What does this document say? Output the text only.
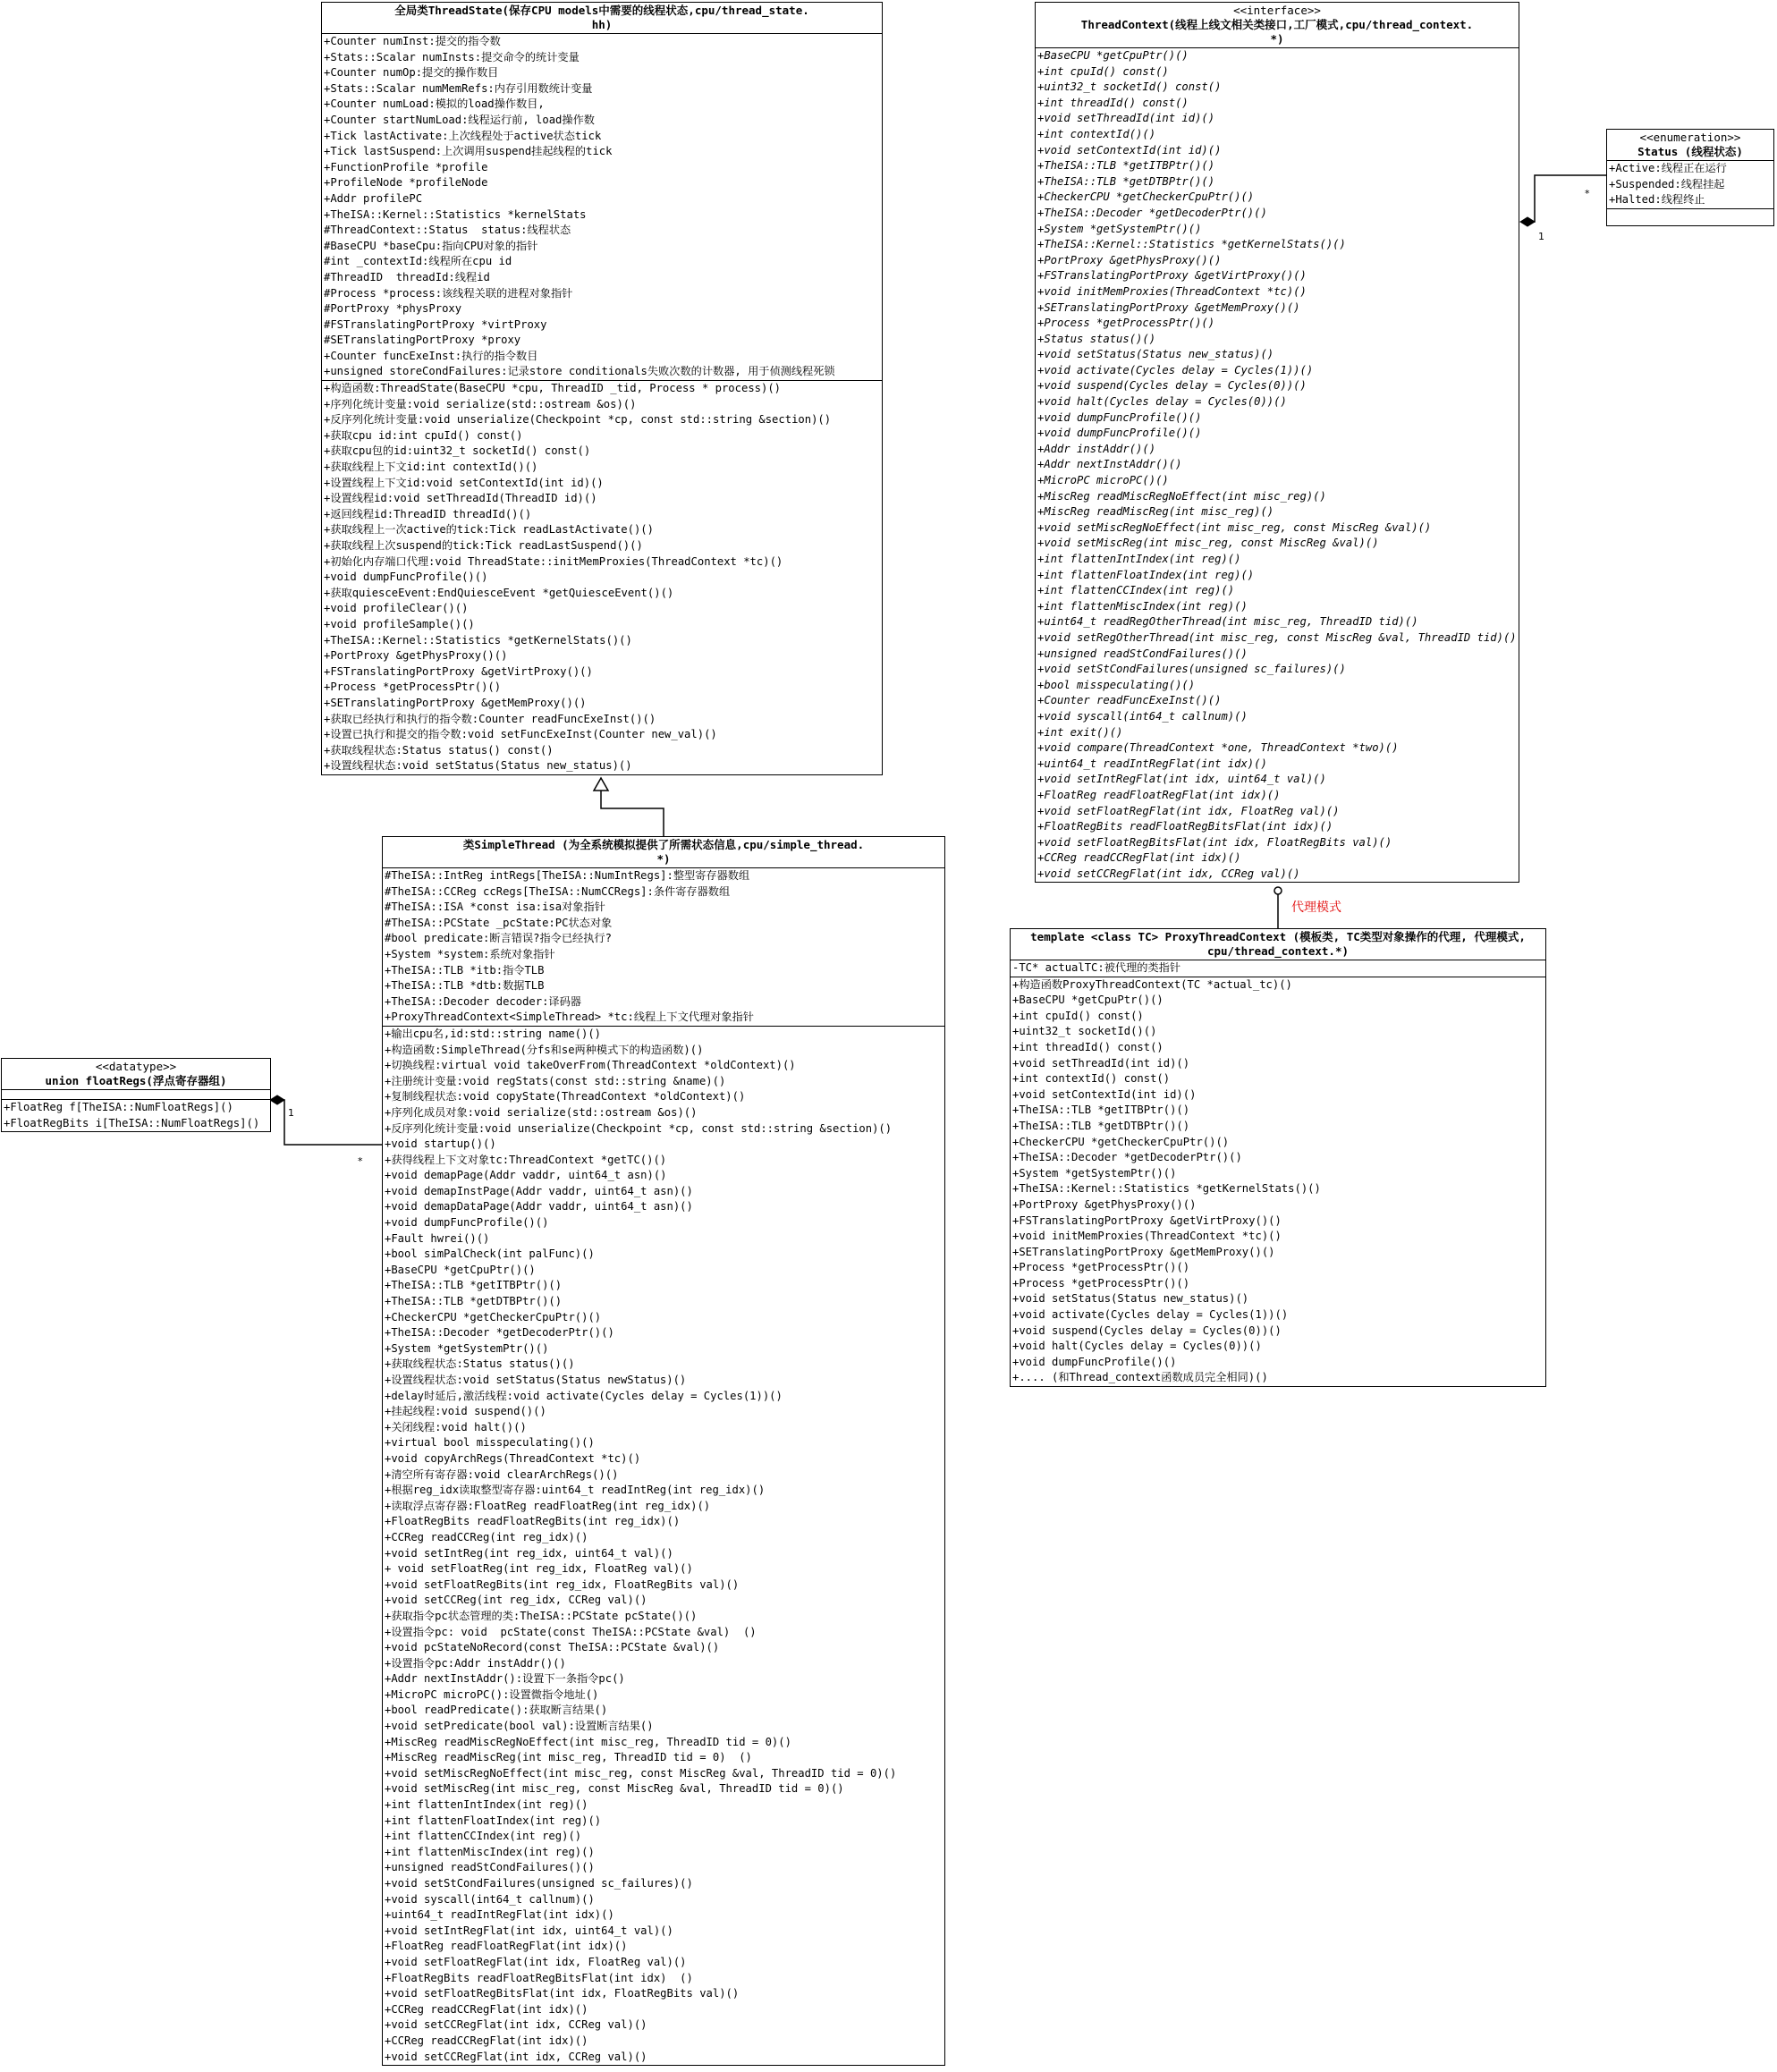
*
1
1
*
代理模式
全局类ThreadState(保存CPU models中需要的线程状态,cpu/thread_state.
hh)
+Counter numInst:提交的指令数
+Stats::Scalar numInsts:提交命令的统计变量
+Counter numOp:提交的操作数目
+Stats::Scalar numMemRefs:内存引用数统计变量
+Counter numLoad:模拟的load操作数目,
+Counter startNumLoad:线程运行前, load操作数
+Tick lastActivate:上次线程处于active状态tick
+Tick lastSuspend:上次调用suspend挂起线程的tick
+FunctionProfile *profile
+ProfileNode *profileNode
+Addr profilePC
+TheISA::Kernel::Statistics *kernelStats
#ThreadContext::Status  status:线程状态
#BaseCPU *baseCpu:指向CPU对象的指针
#int _contextId:线程所在cpu id
#ThreadID  threadId:线程id
#Process *process:该线程关联的进程对象指针
#PortProxy *physProxy
#FSTranslatingPortProxy *virtProxy
#SETranslatingPortProxy *proxy
+Counter funcExeInst:执行的指令数目
+unsigned storeCondFailures:记录store conditionals失败次数的计数器, 用于侦测线程死锁
+构造函数:ThreadState(BaseCPU *cpu, ThreadID _tid, Process * process)()
+序列化统计变量:void serialize(std::ostream &os)()
+反序列化统计变量:void unserialize(Checkpoint *cp, const std::string &section)()
+获取cpu id:int cpuId() const()
+获取cpu包的id:uint32_t socketId() const()
+获取线程上下文id:int contextId()()
+设置线程上下文id:void setContextId(int id)()
+设置线程id:void setThreadId(ThreadID id)()
+返回线程id:ThreadID threadId()()
+获取线程上一次active的tick:Tick readLastActivate()()
+获取线程上次suspend的tick:Tick readLastSuspend()()
+初始化内存端口代理:void ThreadState::initMemProxies(ThreadContext *tc)()
+void dumpFuncProfile()()
+获取quiesceEvent:EndQuiesceEvent *getQuiesceEvent()()
+void profileClear()()
+void profileSample()()
+TheISA::Kernel::Statistics *getKernelStats()()
+PortProxy &getPhysProxy()()
+FSTranslatingPortProxy &getVirtProxy()()
+Process *getProcessPtr()()
+SETranslatingPortProxy &getMemProxy()()
+获取已经执行和执行的指令数:Counter readFuncExeInst()()
+设置已执行和提交的指令数:void setFuncExeInst(Counter new_val)()
+获取线程状态:Status status() const()
+设置线程状态:void setStatus(Status new_status)()
<<interface>>
ThreadContext(线程上线文相关类接口,工厂模式,cpu/thread_context.
*)
+BaseCPU *getCpuPtr()()
+int cpuId() const()
+uint32_t socketId() const()
+int threadId() const()
+void setThreadId(int id)()
+int contextId()()
+void setContextId(int id)()
+TheISA::TLB *getITBPtr()()
+TheISA::TLB *getDTBPtr()()
+CheckerCPU *getCheckerCpuPtr()()
+TheISA::Decoder *getDecoderPtr()()
+System *getSystemPtr()()
+TheISA::Kernel::Statistics *getKernelStats()()
+PortProxy &getPhysProxy()()
+FSTranslatingPortProxy &getVirtProxy()()
+void initMemProxies(ThreadContext *tc)()
+SETranslatingPortProxy &getMemProxy()()
+Process *getProcessPtr()()
+Status status()()
+void setStatus(Status new_status)()
+void activate(Cycles delay = Cycles(1))()
+void suspend(Cycles delay = Cycles(0))()
+void halt(Cycles delay = Cycles(0))()
+void dumpFuncProfile()()
+void dumpFuncProfile()()
+Addr instAddr()()
+Addr nextInstAddr()()
+MicroPC microPC()()
+MiscReg readMiscRegNoEffect(int misc_reg)()
+MiscReg readMiscReg(int misc_reg)()
+void setMiscRegNoEffect(int misc_reg, const MiscReg &val)()
+void setMiscReg(int misc_reg, const MiscReg &val)()
+int flattenIntIndex(int reg)()
+int flattenFloatIndex(int reg)()
+int flattenCCIndex(int reg)()
+int flattenMiscIndex(int reg)()
+uint64_t readRegOtherThread(int misc_reg, ThreadID tid)()
+void setRegOtherThread(int misc_reg, const MiscReg &val, ThreadID tid)()
+unsigned readStCondFailures()()
+void setStCondFailures(unsigned sc_failures)()
+bool misspeculating()()
+Counter readFuncExeInst()()
+void syscall(int64_t callnum)()
+int exit()()
+void compare(ThreadContext *one, ThreadContext *two)()
+uint64_t readIntRegFlat(int idx)()
+void setIntRegFlat(int idx, uint64_t val)()
+FloatReg readFloatRegFlat(int idx)()
+void setFloatRegFlat(int idx, FloatReg val)()
+FloatRegBits readFloatRegBitsFlat(int idx)()
+void setFloatRegBitsFlat(int idx, FloatRegBits val)()
+CCReg readCCRegFlat(int idx)()
+void setCCRegFlat(int idx, CCReg val)()
<<enumeration>>
Status (线程状态)
+Active:线程正在运行
+Suspended:线程挂起
+Halted:线程终止
类SimpleThread (为全系统模拟提供了所需状态信息,cpu/simple_thread.
*)
#TheISA::IntReg intRegs[TheISA::NumIntRegs]:整型寄存器数组
#TheISA::CCReg ccRegs[TheISA::NumCCRegs]:条件寄存器数组
#TheISA::ISA *const isa:isa对象指针
#TheISA::PCState _pcState:PC状态对象
#bool predicate:断言错误?指令已经执行?
+System *system:系统对象指针
+TheISA::TLB *itb:指令TLB
+TheISA::TLB *dtb:数据TLB
+TheISA::Decoder decoder:译码器
+ProxyThreadContext<SimpleThread> *tc:线程上下文代理对象指针
+输出cpu名,id:std::string name()()
+构造函数:SimpleThread(分fs和se两种模式下的构造函数)()
+切换线程:virtual void takeOverFrom(ThreadContext *oldContext)()
+注册统计变量:void regStats(const std::string &name)()
+复制线程状态:void copyState(ThreadContext *oldContext)()
+序列化成员对象:void serialize(std::ostream &os)()
+反序列化统计变量:void unserialize(Checkpoint *cp, const std::string &section)()
+void startup()()
+获得线程上下文对象tc:ThreadContext *getTC()()
+void demapPage(Addr vaddr, uint64_t asn)()
+void demapInstPage(Addr vaddr, uint64_t asn)()
+void demapDataPage(Addr vaddr, uint64_t asn)()
+void dumpFuncProfile()()
+Fault hwrei()()
+bool simPalCheck(int palFunc)()
+BaseCPU *getCpuPtr()()
+TheISA::TLB *getITBPtr()()
+TheISA::TLB *getDTBPtr()()
+CheckerCPU *getCheckerCpuPtr()()
+TheISA::Decoder *getDecoderPtr()()
+System *getSystemPtr()()
+获取线程状态:Status status()()
+设置线程状态:void setStatus(Status newStatus)()
+delay时延后,激活线程:void activate(Cycles delay = Cycles(1))()
+挂起线程:void suspend()()
+关闭线程:void halt()()
+virtual bool misspeculating()()
+void copyArchRegs(ThreadContext *tc)()
+清空所有寄存器:void clearArchRegs()()
+根据reg_idx读取整型寄存器:uint64_t readIntReg(int reg_idx)()
+读取浮点寄存器:FloatReg readFloatReg(int reg_idx)()
+FloatRegBits readFloatRegBits(int reg_idx)()
+CCReg readCCReg(int reg_idx)()
+void setIntReg(int reg_idx, uint64_t val)()
+ void setFloatReg(int reg_idx, FloatReg val)()
+void setFloatRegBits(int reg_idx, FloatRegBits val)()
+void setCCReg(int reg_idx, CCReg val)()
+获取指令pc状态管理的类:TheISA::PCState pcState()()
+设置指令pc: void  pcState(const TheISA::PCState &val)  ()
+void pcStateNoRecord(const TheISA::PCState &val)()
+设置指令pc:Addr instAddr()()
+Addr nextInstAddr():设置下一条指令pc()
+MicroPC microPC():设置微指令地址()
+bool readPredicate():获取断言结果()
+void setPredicate(bool val):设置断言结果()
+MiscReg readMiscRegNoEffect(int misc_reg, ThreadID tid = 0)()
+MiscReg readMiscReg(int misc_reg, ThreadID tid = 0)  ()
+void setMiscRegNoEffect(int misc_reg, const MiscReg &val, ThreadID tid = 0)()
+void setMiscReg(int misc_reg, const MiscReg &val, ThreadID tid = 0)()
+int flattenIntIndex(int reg)()
+int flattenFloatIndex(int reg)()
+int flattenCCIndex(int reg)()
+int flattenMiscIndex(int reg)()
+unsigned readStCondFailures()()
+void setStCondFailures(unsigned sc_failures)()
+void syscall(int64_t callnum)()
+uint64_t readIntRegFlat(int idx)()
+void setIntRegFlat(int idx, uint64_t val)()
+FloatReg readFloatRegFlat(int idx)()
+void setFloatRegFlat(int idx, FloatReg val)()
+FloatRegBits readFloatRegBitsFlat(int idx)  ()
+void setFloatRegBitsFlat(int idx, FloatRegBits val)()
+CCReg readCCRegFlat(int idx)()
+void setCCRegFlat(int idx, CCReg val)()
+CCReg readCCRegFlat(int idx)()
+void setCCRegFlat(int idx, CCReg val)()
<<datatype>>
union floatRegs(浮点寄存器组)
+FloatReg f[TheISA::NumFloatRegs]()
+FloatRegBits i[TheISA::NumFloatRegs]()
template <class TC> ProxyThreadContext (模板类, TC类型对象操作的代理, 代理模式,
cpu/thread_context.*)
-TC* actualTC:被代理的类指针
+构造函数ProxyThreadContext(TC *actual_tc)()
+BaseCPU *getCpuPtr()()
+int cpuId() const()
+uint32_t socketId()()
+int threadId() const()
+void setThreadId(int id)()
+int contextId() const()
+void setContextId(int id)()
+TheISA::TLB *getITBPtr()()
+TheISA::TLB *getDTBPtr()()
+CheckerCPU *getCheckerCpuPtr()()
+TheISA::Decoder *getDecoderPtr()()
+System *getSystemPtr()()
+TheISA::Kernel::Statistics *getKernelStats()()
+PortProxy &getPhysProxy()()
+FSTranslatingPortProxy &getVirtProxy()()
+void initMemProxies(ThreadContext *tc)()
+SETranslatingPortProxy &getMemProxy()()
+Process *getProcessPtr()()
+Process *getProcessPtr()()
+void setStatus(Status new_status)()
+void activate(Cycles delay = Cycles(1))()
+void suspend(Cycles delay = Cycles(0))()
+void halt(Cycles delay = Cycles(0))()
+void dumpFuncProfile()()
+.... (和Thread_context函数成员完全相同)()
